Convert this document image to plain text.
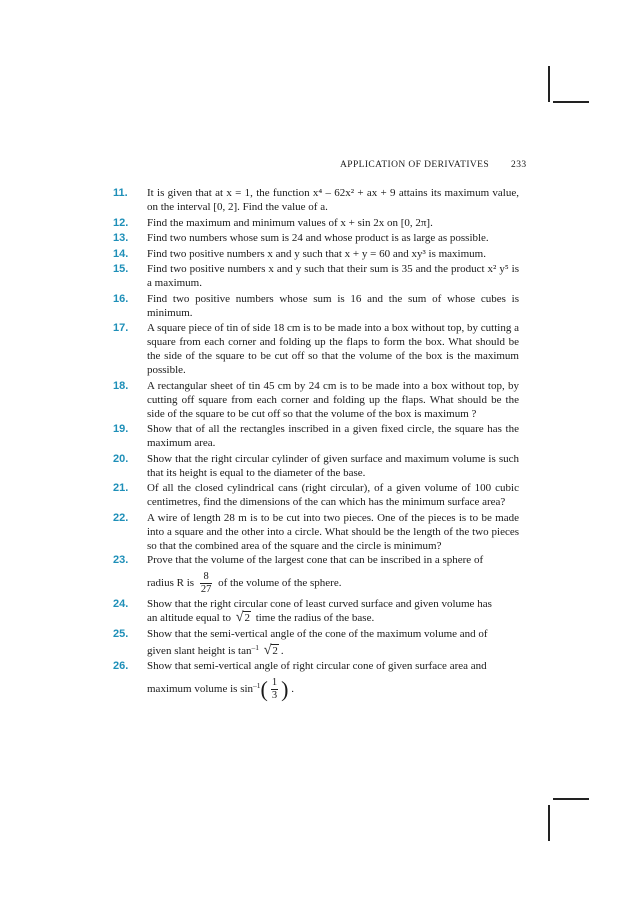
APPLICATION OF DERIVATIVES 233
11. It is given that at x = 1, the function x⁴ – 62x² + ax + 9 attains its maximum value, on the interval [0, 2]. Find the value of a.
12. Find the maximum and minimum values of x + sin 2x on [0, 2π].
13. Find two numbers whose sum is 24 and whose product is as large as possible.
14. Find two positive numbers x and y such that x + y = 60 and xy³ is maximum.
15. Find two positive numbers x and y such that their sum is 35 and the product x² y⁵ is a maximum.
16. Find two positive numbers whose sum is 16 and the sum of whose cubes is minimum.
17. A square piece of tin of side 18 cm is to be made into a box without top, by cutting a square from each corner and folding up the flaps to form the box. What should be the side of the square to be cut off so that the volume of the box is the maximum possible.
18. A rectangular sheet of tin 45 cm by 24 cm is to be made into a box without top, by cutting off square from each corner and folding up the flaps. What should be the side of the square to be cut off so that the volume of the box is maximum ?
19. Show that of all the rectangles inscribed in a given fixed circle, the square has the maximum area.
20. Show that the right circular cylinder of given surface and maximum volume is such that its height is equal to the diameter of the base.
21. Of all the closed cylindrical cans (right circular), of a given volume of 100 cubic centimetres, find the dimensions of the can which has the minimum surface area?
22. A wire of length 28 m is to be cut into two pieces. One of the pieces is to be made into a square and the other into a circle. What should be the length of the two pieces so that the combined area of the square and the circle is minimum?
23. Prove that the volume of the largest cone that can be inscribed in a sphere of
radius R is $\frac{8}{27}$ of the volume of the sphere.
24. Show that the right circular cone of least curved surface and given volume has
an altitude equal to √2 time the radius of the base.
25. Show that the semi-vertical angle of the cone of the maximum volume and of
given slant height is $\tan^{-1} √2$ .
26. Show that semi-vertical angle of right circular cone of given surface area and
maximum volume is $\sin^{-1}( \frac{1}{3}$ ) .
